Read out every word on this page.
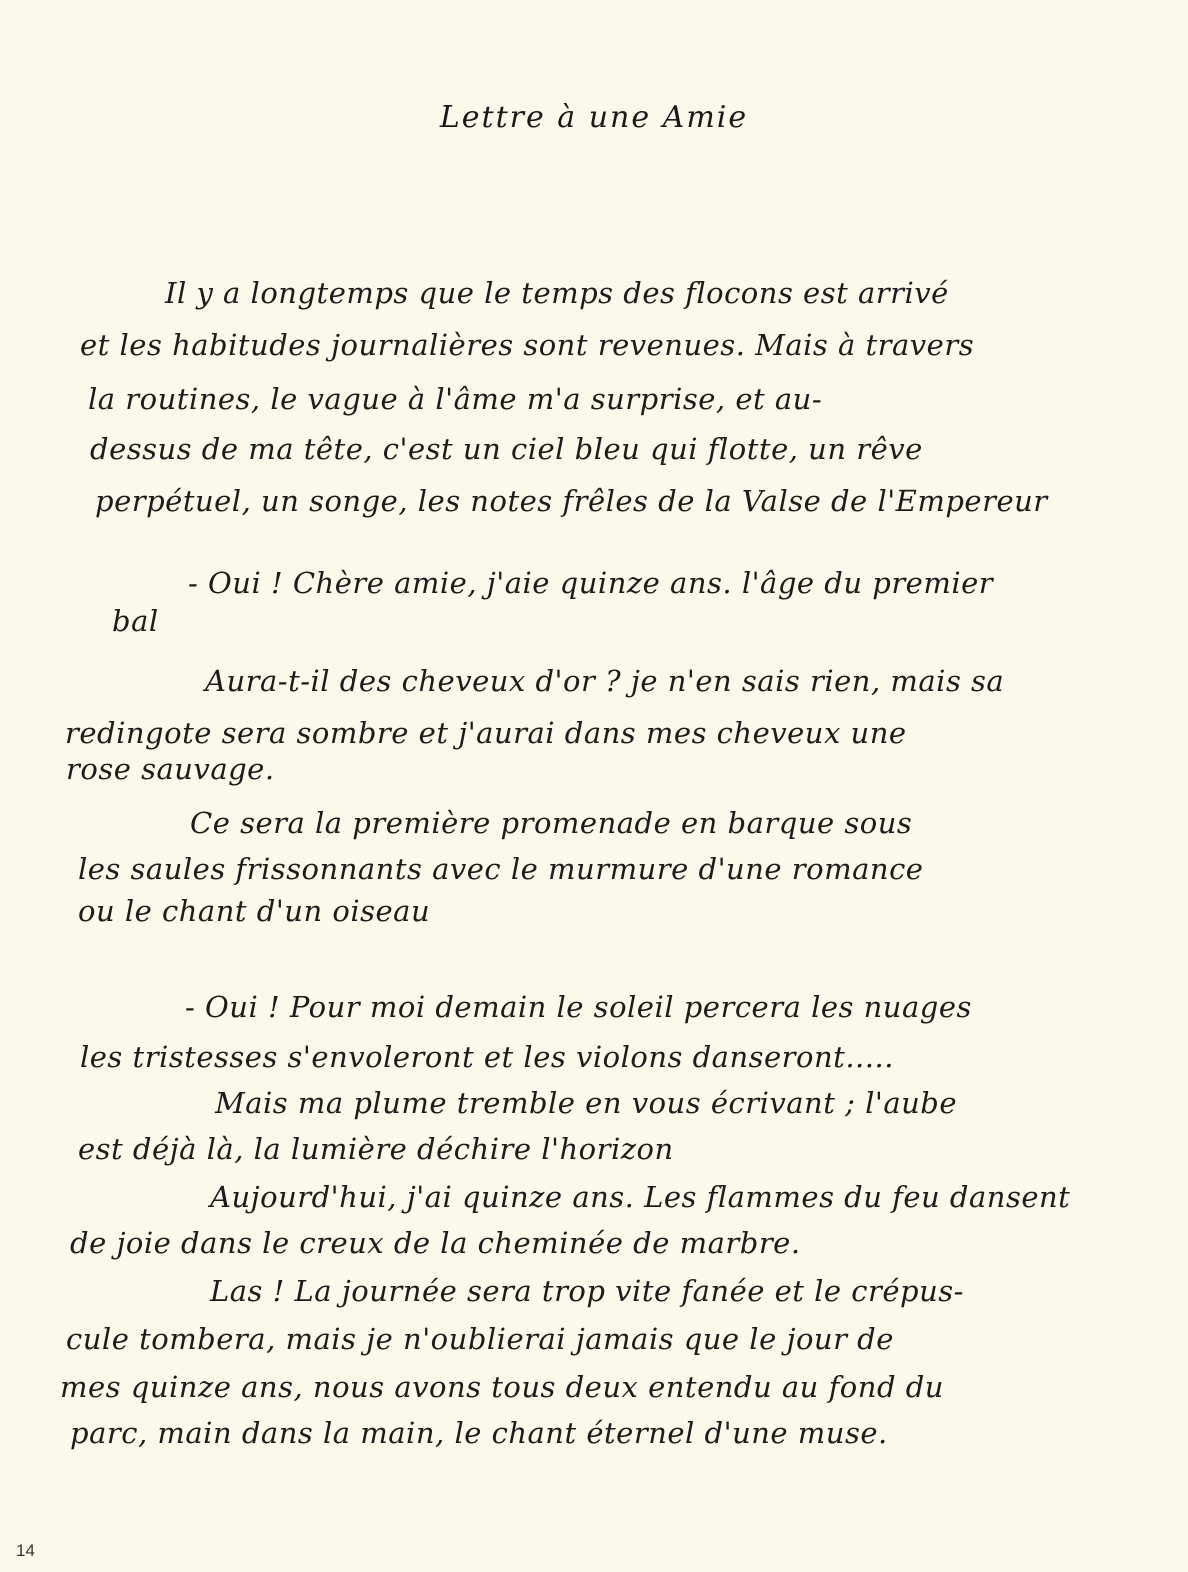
Lettre à une Amie
Il y a longtemps que le temps des flocons est arrivé
et les habitudes journalières sont revenues. Mais à travers
la routines, le vague à l'âme m'a surprise, et au-
dessus de ma tête, c'est un ciel bleu qui flotte, un rêve
perpétuel, un songe, les notes frêles de la Valse de l'Empereur
- Oui ! Chère amie, j'aie quinze ans. l'âge du premier
bal
Aura-t-il des cheveux d'or ? je n'en sais rien, mais sa
redingote sera sombre et j'aurai dans mes cheveux une
rose sauvage.
Ce sera la première promenade en barque sous
les saules frissonnants avec le murmure d'une romance
ou le chant d'un oiseau
- Oui ! Pour moi demain le soleil percera les nuages
les tristesses s'envoleront et les violons danseront.....
Mais ma plume tremble en vous écrivant ; l'aube
est déjà là, la lumière déchire l'horizon
Aujourd'hui, j'ai quinze ans. Les flammes du feu dansent
de joie dans le creux de la cheminée de marbre.
Las ! La journée sera trop vite fanée et le crépus-
cule tombera, mais je n'oublierai jamais que le jour de
mes quinze ans, nous avons tous deux entendu au fond du
parc, main dans la main, le chant éternel d'une muse.
14
